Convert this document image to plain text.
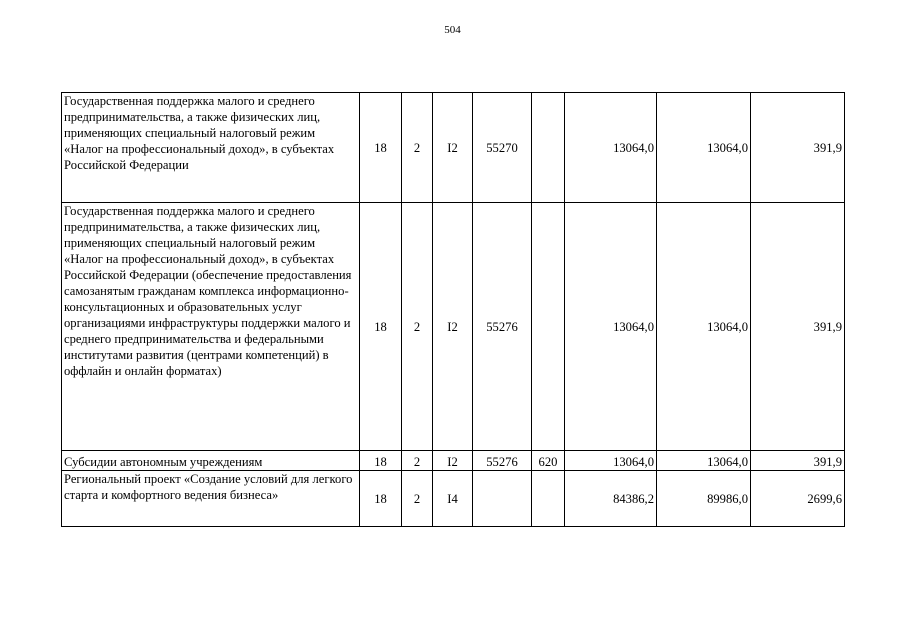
504
Государственная поддержка малого и среднего предпринимательства, а также физических лиц, применяющих специальный налоговый режим «Налог на профессиональный доход», в субъектах Российской Федерации	18	2	I2	55270		13064,0	13064,0	391,9
Государственная поддержка малого и среднего предпринимательства, а также физических лиц, применяющих специальный налоговый режим «Налог на профессиональный доход», в субъектах Российской Федерации (обеспечение предоставления самозанятым гражданам комплекса информационно-консультационных и образовательных услуг организациями инфраструктуры поддержки малого и среднего предпринимательства и федеральными институтами развития (центрами компетенций) в оффлайн и онлайн форматах)	18	2	I2	55276		13064,0	13064,0	391,9
Субсидии автономным учреждениям	18	2	I2	55276	620	13064,0	13064,0	391,9
Региональный проект «Создание условий для легкого старта и комфортного ведения бизнеса»	18	2	I4			84386,2	89986,0	2699,6
